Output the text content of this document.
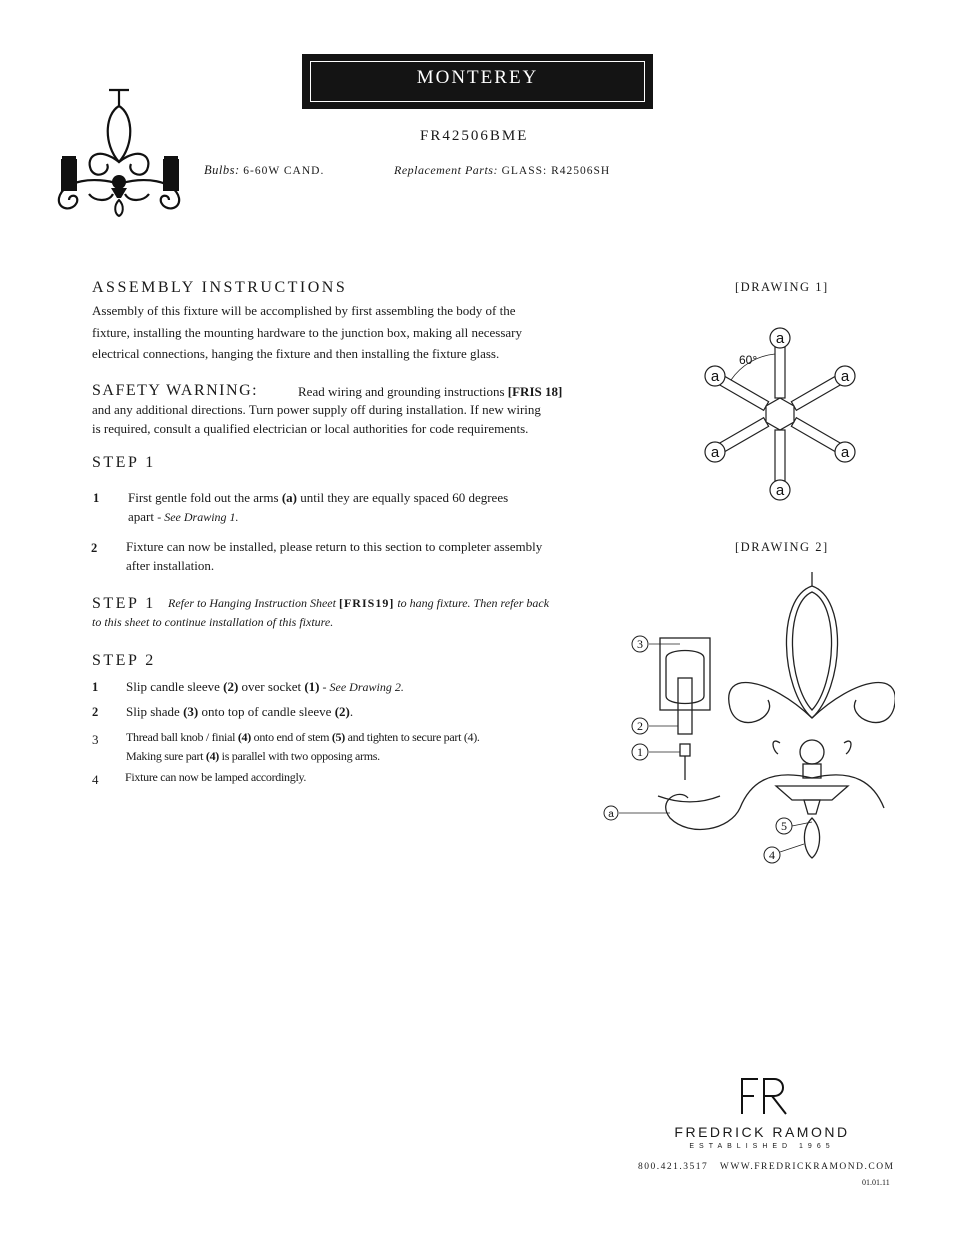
MONTEREY
FR42506BME
Bulbs: 6-60W CAND.	Replacement Parts: GLASS: R42506SH
ASSEMBLY INSTRUCTIONS
Assembly of this fixture will be accomplished by first assembling the body of the
fixture, installing the mounting hardware to the junction box, making all necessary
electrical connections, hanging the fixture and then installing the fixture glass.
SAFETY WARNING:	Read wiring and grounding instructions [FRIS 18]
and any additional directions. Turn power supply off during installation. If new wiring
is required, consult a qualified electrician or local authorities for code requirements.
STEP 1
1 First gentle fold out the arms (a) until they are equally spaced 60 degrees
apart - See Drawing 1.
2 Fixture can now be installed, please return to this section to completer assembly
after installation.
STEP 1 Refer to Hanging Instruction Sheet [FRIS19] to hang fixture. Then refer back
to this sheet to continue installation of this fixture.
STEP 2
1 Slip candle sleeve (2) over socket (1) - See Drawing 2.
2 Slip shade (3) onto top of candle sleeve (2).
3 Thread ball knob / finial (4) onto end of stem (5) and tighten to secure part (4).
Making sure part (4) is parallel with two opposing arms.
4 Fixture can now be lamped accordingly.
[DRAWING 1]
a
a
a	a
a	a
60°
[DRAWING 2]
3
2
1
a
5
4
FREDRICK RAMOND
ESTABLISHED 1965
800.421.3517 WWW.FREDRICKRAMOND.COM
01.01.11
